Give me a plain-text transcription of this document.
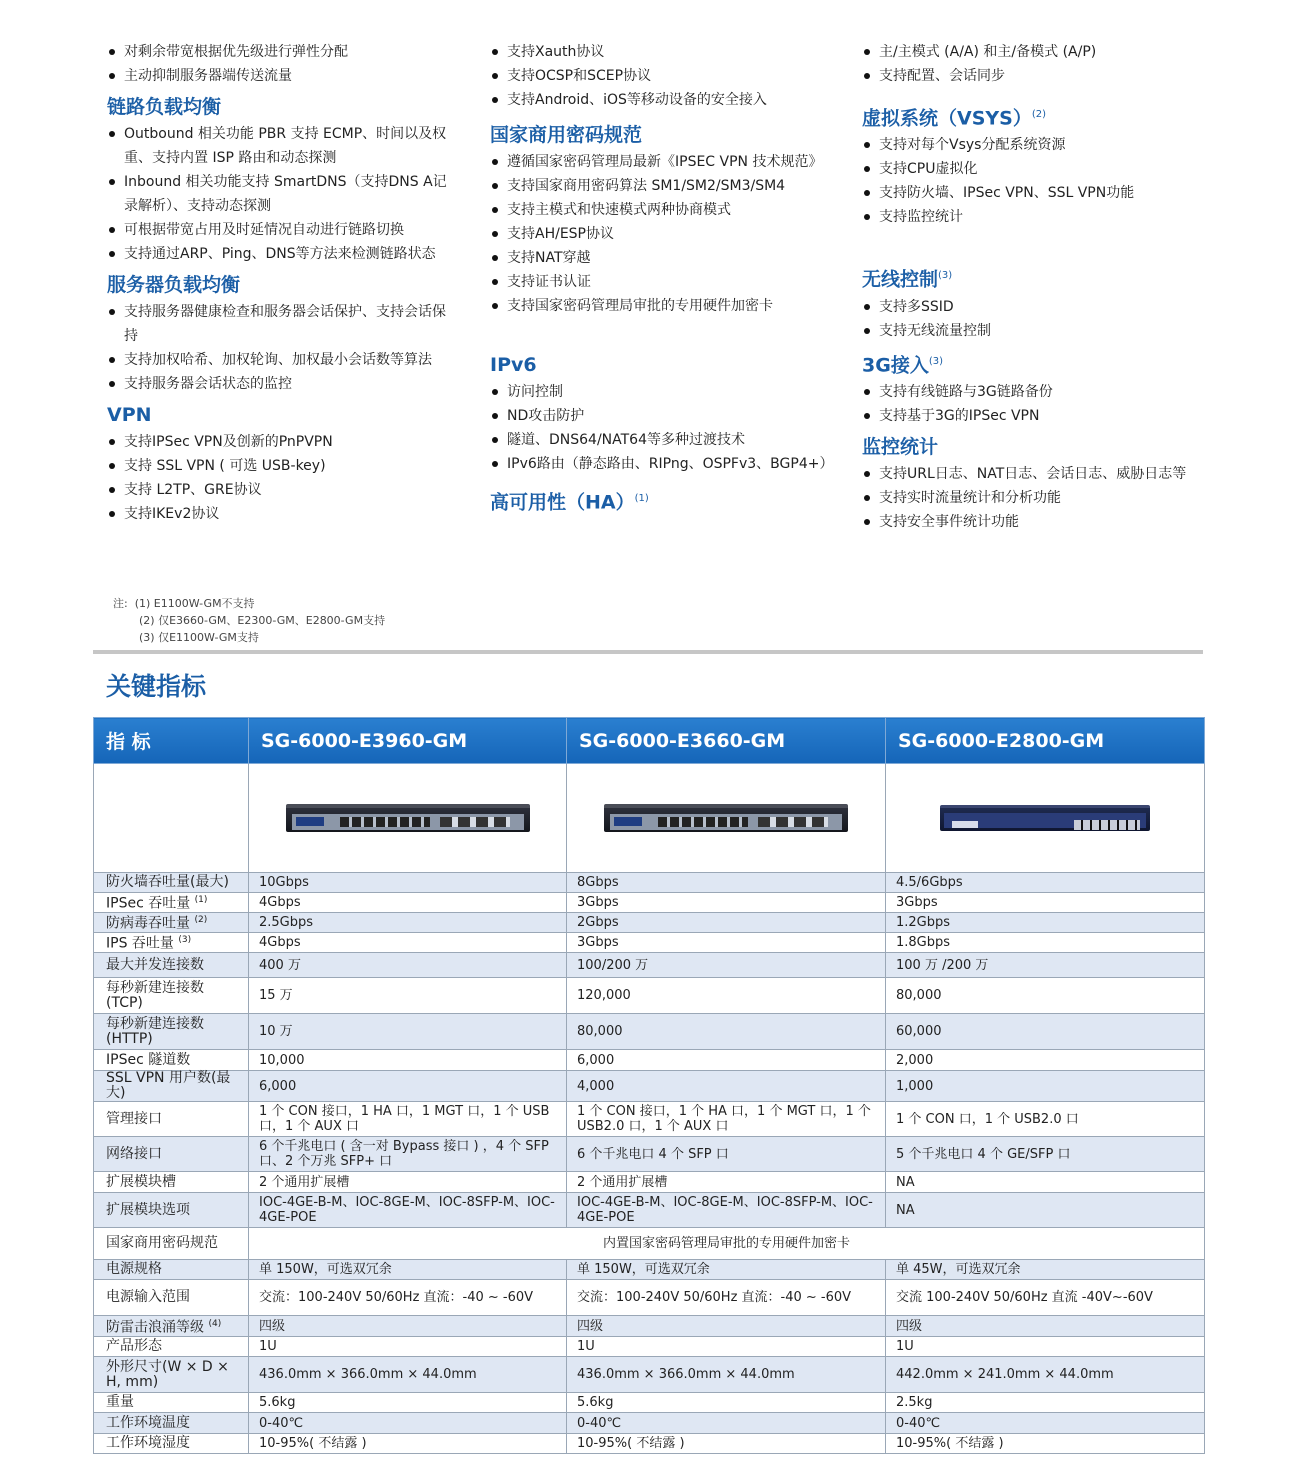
对剩余带宽根据优先级进行弹性分配
主动抑制服务器端传送流量
链路负载均衡
Outbound 相关功能 PBR 支持 ECMP、时间以及权重、支持内置 ISP 路由和动态探测
Inbound 相关功能支持 SmartDNS（支持DNS A记录解析）、支持动态探测
可根据带宽占用及时延情况自动进行链路切换
支持通过ARP、Ping、DNS等方法来检测链路状态
服务器负载均衡
支持服务器健康检查和服务器会话保护、支持会话保持
支持加权哈希、加权轮询、加权最小会话数等算法
支持服务器会话状态的监控
VPN
支持IPSec VPN及创新的PnPVPN
支持 SSL VPN ( 可选 USB-key)
支持 L2TP、GRE协议
支持IKEv2协议
支持Xauth协议
支持OCSP和SCEP协议
支持Android、iOS等移动设备的安全接入
国家商用密码规范
遵循国家密码管理局最新《IPSEC VPN 技术规范》
支持国家商用密码算法 SM1/SM2/SM3/SM4
支持主模式和快速模式两种协商模式
支持AH/ESP协议
支持NAT穿越
支持证书认证
支持国家密码管理局审批的专用硬件加密卡
IPv6
访问控制
ND攻击防护
隧道、DNS64/NAT64等多种过渡技术
IPv6路由（静态路由、RIPng、OSPFv3、BGP4+）
高可用性（HA）$^{(1)}$
主/主模式 (A/A) 和主/备模式 (A/P)
支持配置、会话同步
虚拟系统（VSYS）$^{(2)}$
支持对每个Vsys分配系统资源
支持CPU虚拟化
支持防火墙、IPSec VPN、SSL VPN功能
支持监控统计
无线控制$^{(3)}$
支持多SSID
支持无线流量控制
3G接入$^{(3)}$
支持有线链路与3G链路备份
支持基于3G的IPSec VPN
监控统计
支持URL日志、NAT日志、会话日志、威胁日志等
支持实时流量统计和分析功能
支持安全事件统计功能
注: (1) E1100W-GM不支持
(2) 仅E3660-GM、E2300-GM、E2800-GM支持
(3) 仅E1100W-GM支持
关键指标
指 标	SG-6000-E3960-GM	SG-6000-E3660-GM	SG-6000-E2800-GM

防火墙吞吐量(最大)	10Gbps	8Gbps	4.5/6Gbps
IPSec 吞吐量 $^{(1)}$	4Gbps	3Gbps	3Gbps
防病毒吞吐量 $^{(2)}$	2.5Gbps	2Gbps	1.2Gbps
IPS 吞吐量 $^{(3)}$	4Gbps	3Gbps	1.8Gbps
最大并发连接数	400 万	100/200 万	100 万 /200 万
每秒新建连接数(TCP)	15 万	120,000	80,000
每秒新建连接数(HTTP)	10 万	80,000	60,000
IPSec 隧道数	10,000	6,000	2,000
SSL VPN 用户数(最大)	6,000	4,000	1,000
管理接口	1 个 CON 接口，1 HA 口，1 MGT 口，1 个 USB 口，1 个 AUX 口	1 个 CON 接口，1 个 HA 口，1 个 MGT 口，1 个 USB2.0 口，1 个 AUX 口	1 个 CON 口，1 个 USB2.0 口
网络接口	6 个千兆电口 ( 含一对 Bypass 接口 ) ，4 个 SFP 口、2 个万兆 SFP+ 口	6 个千兆电口 4 个 SFP 口	5 个千兆电口 4 个 GE/SFP 口
扩展模块槽	2 个通用扩展槽	2 个通用扩展槽	NA
扩展模块选项	IOC-4GE-B-M、IOC-8GE-M、IOC-8SFP-M、IOC-4GE-POE	IOC-4GE-B-M、IOC-8GE-M、IOC-8SFP-M、IOC-4GE-POE	NA
国家商用密码规范	内置国家密码管理局审批的专用硬件加密卡		
电源规格	单 150W，可选双冗余	单 150W，可选双冗余	单 45W，可选双冗余
电源输入范围	交流：100-240V 50/60Hz 直流：-40 ~ -60V	交流：100-240V 50/60Hz 直流：-40 ~ -60V	交流 100-240V 50/60Hz 直流 -40V~-60V
防雷击浪涌等级 $^{(4)}$	四级	四级	四级
产品形态	1U	1U	1U
外形尺寸(W × D × H, mm)	436.0mm × 366.0mm × 44.0mm	436.0mm × 366.0mm × 44.0mm	442.0mm × 241.0mm × 44.0mm
重量	5.6kg	5.6kg	2.5kg
工作环境温度	0-40℃	0-40℃	0-40℃
工作环境湿度	10-95%( 不结露 )	10-95%( 不结露 )	10-95%( 不结露 )
